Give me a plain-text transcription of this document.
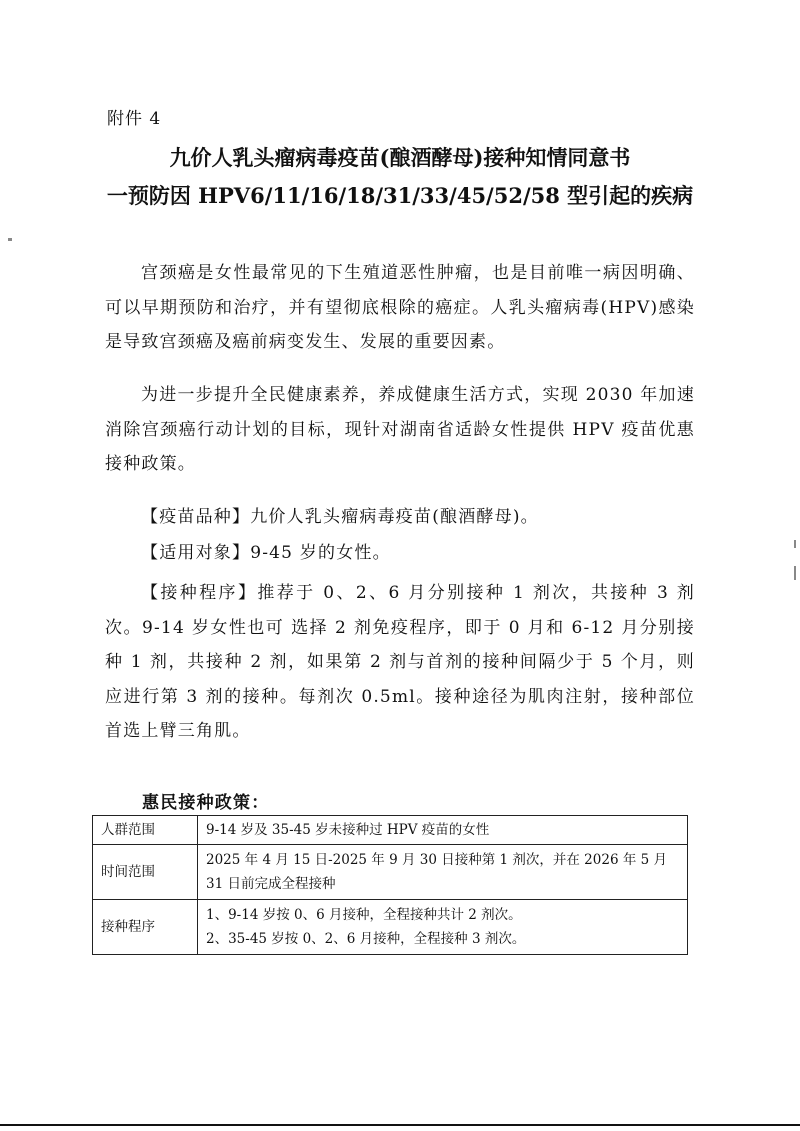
附件 4
九价人乳头瘤病毒疫苗(酿酒酵母)接种知情同意书
一预防因 HPV6/11/16/18/31/33/45/52/58 型引起的疾病

宫颈癌是女性最常见的下生殖道恶性肿瘤，也是目前唯一病因明确、可以早期预防和治疗，并有望彻底根除的癌症。人乳头瘤病毒(HPV)感染是导致宫颈癌及癌前病变发生、发展的重要因素。

为进一步提升全民健康素养，养成健康生活方式，实现 2030 年加速消除宫颈癌行动计划的目标，现针对湖南省适龄女性提供 HPV 疫苗优惠接种政策。

【疫苗品种】九价人乳头瘤病毒疫苗(酿酒酵母)。

【适用对象】9-45 岁的女性。

【接种程序】推荐于 0、2、6 月分别接种 1 剂次，共接种 3 剂次。9-14 岁女性也可 选择 2 剂免疫程序，即于 0 月和 6-12 月分别接种 1 剂，共接种 2 剂，如果第 2 剂与首剂的接种间隔少于 5 个月，则应进行第 3 剂的接种。每剂次 0.5ml。接种途径为肌肉注射，接种部位首选上臂三角肌。

惠民接种政策：
人群范围	9-14 岁及 35-45 岁未接种过 HPV 疫苗的女性

时间范围	2025 年 4 月 15 日-2025 年 9 月 30 日接种第 1 剂次，并在 2026 年 5 月 31 日前完成全程接种

接种程序	1、9-14 岁按 0、6 月接种，全程接种共计 2 剂次。
2、35-45 岁按 0、2、6 月接种，全程接种 3 剂次。
